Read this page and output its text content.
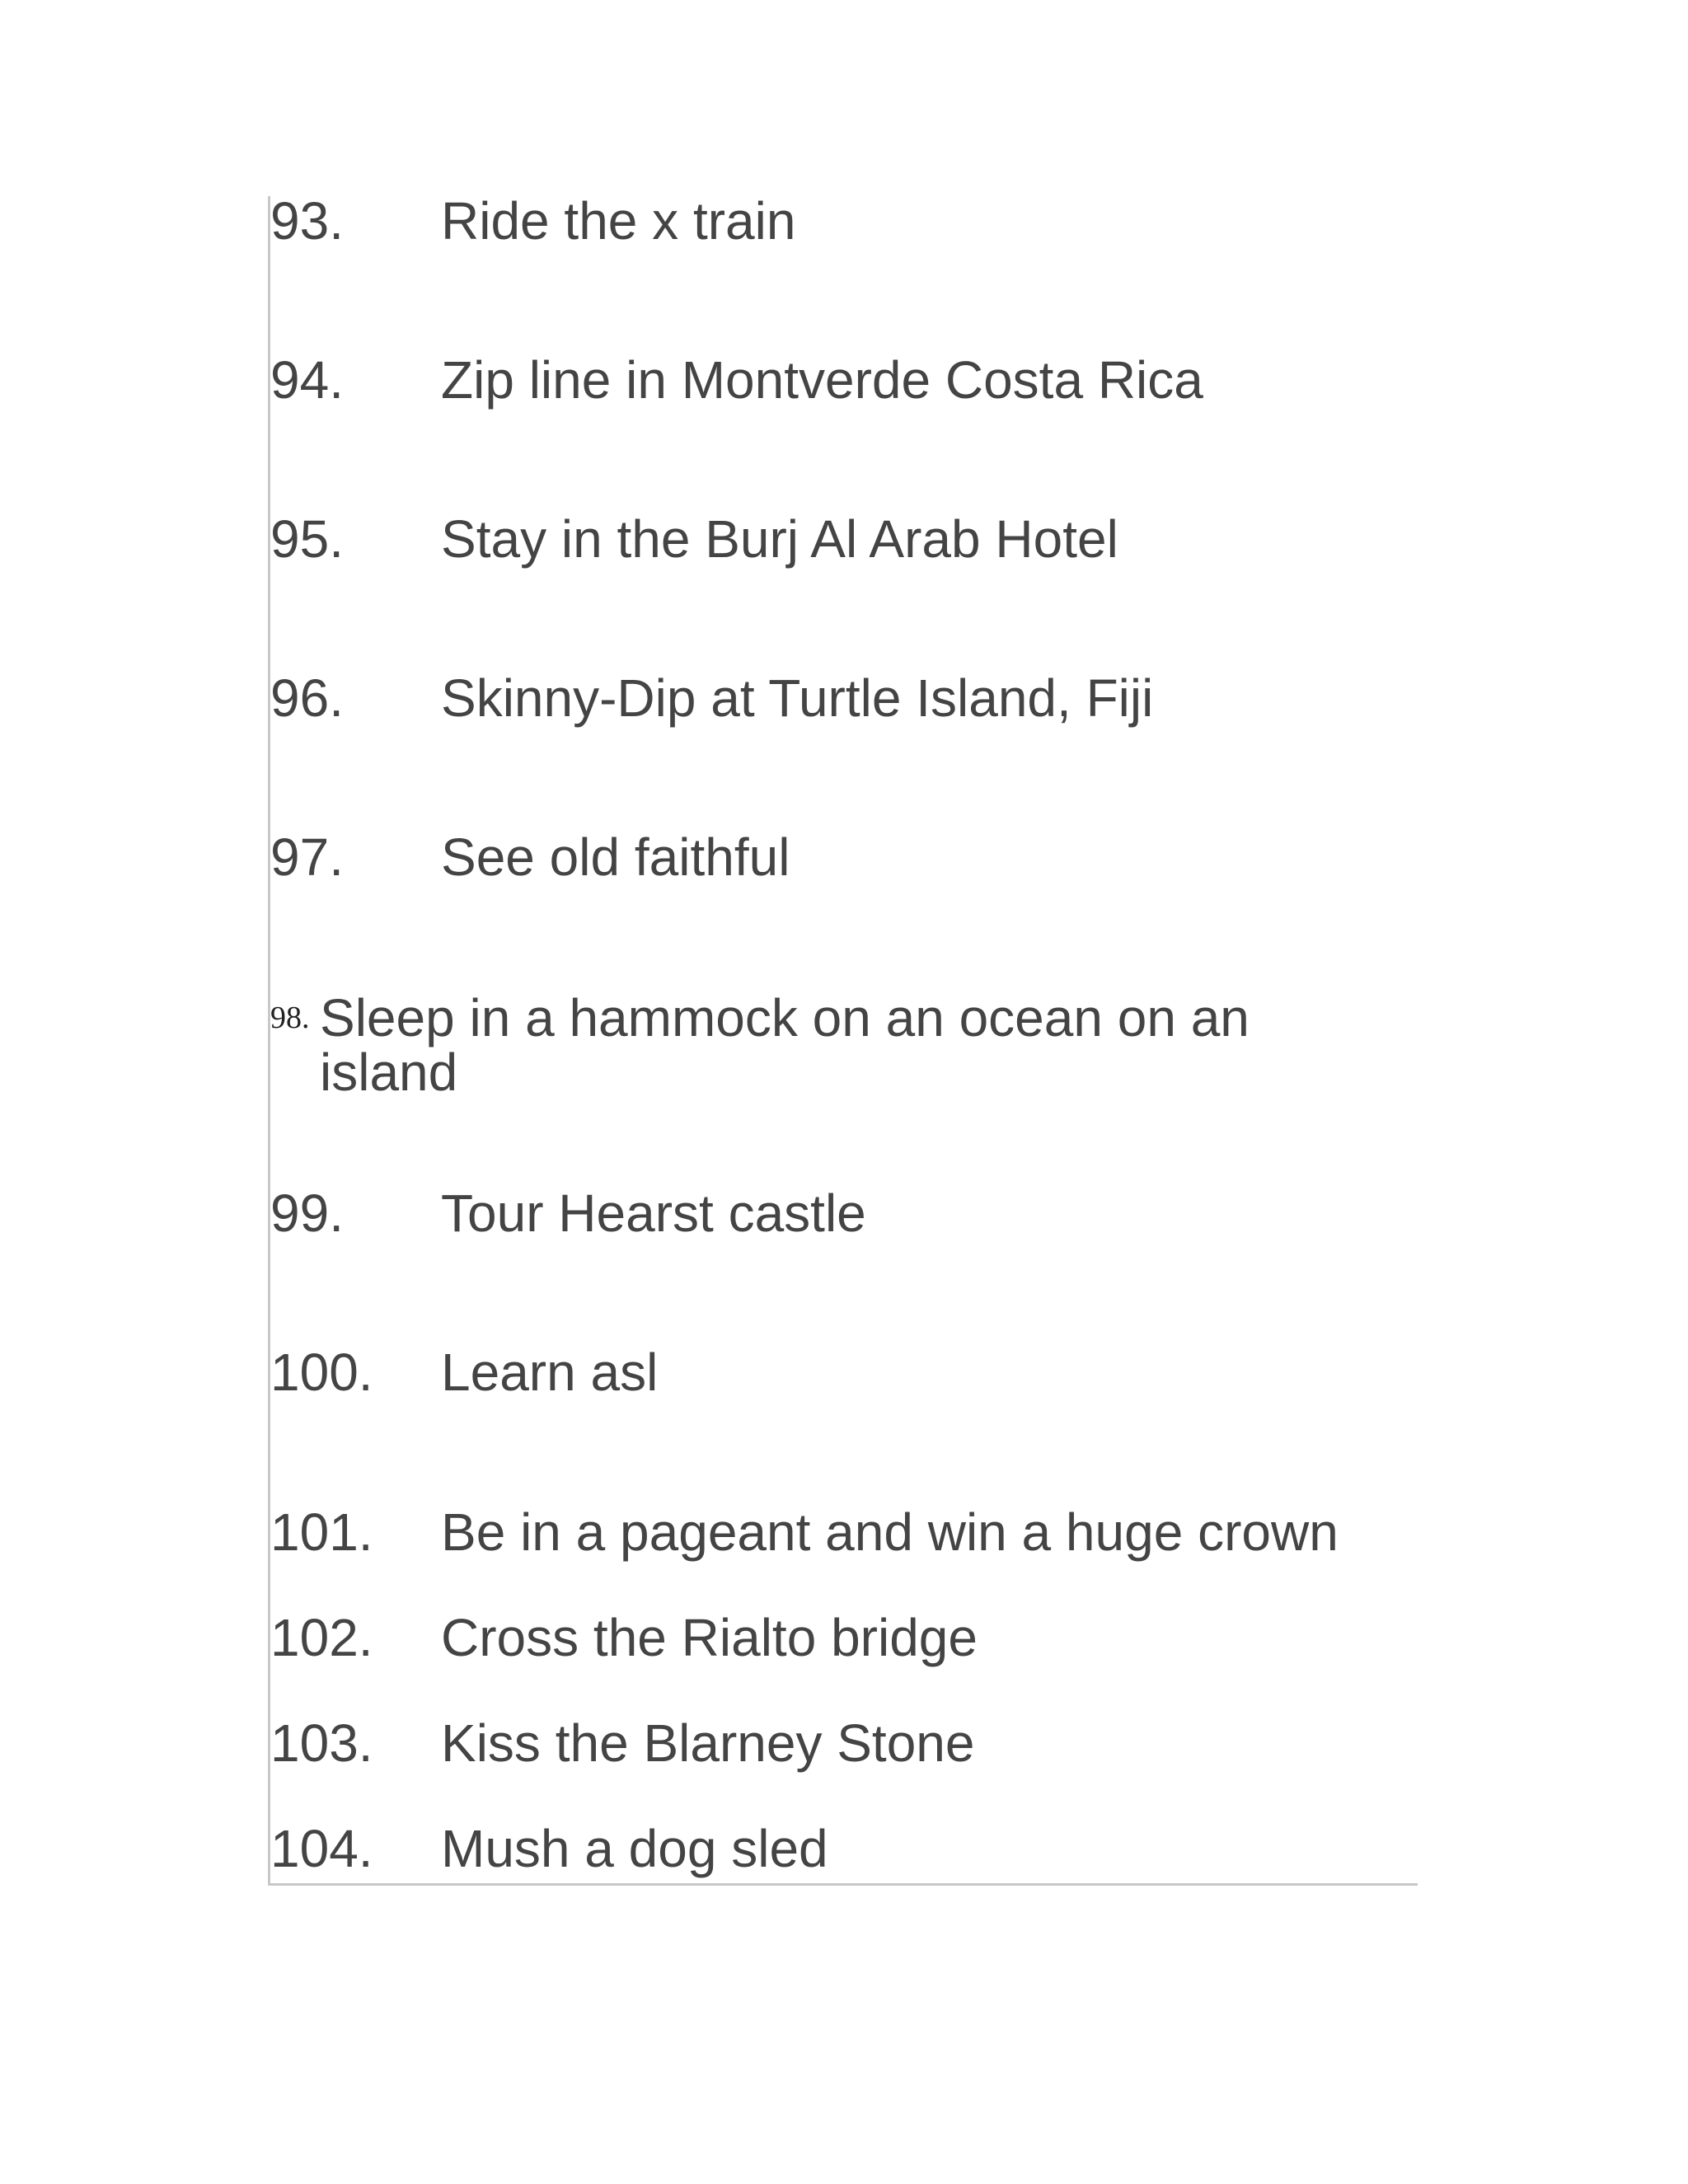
93. Ride the x train
94. Zip line in Montverde Costa Rica
95. Stay in the Burj Al Arab Hotel
96. Skinny-Dip at Turtle Island, Fiji
97. See old faithful
98. Sleep in a hammock on an ocean on an island
99. Tour Hearst castle
100. Learn asl
101. Be in a pageant and win a huge crown
102. Cross the Rialto bridge
103. Kiss the Blarney Stone
104. Mush a dog sled
